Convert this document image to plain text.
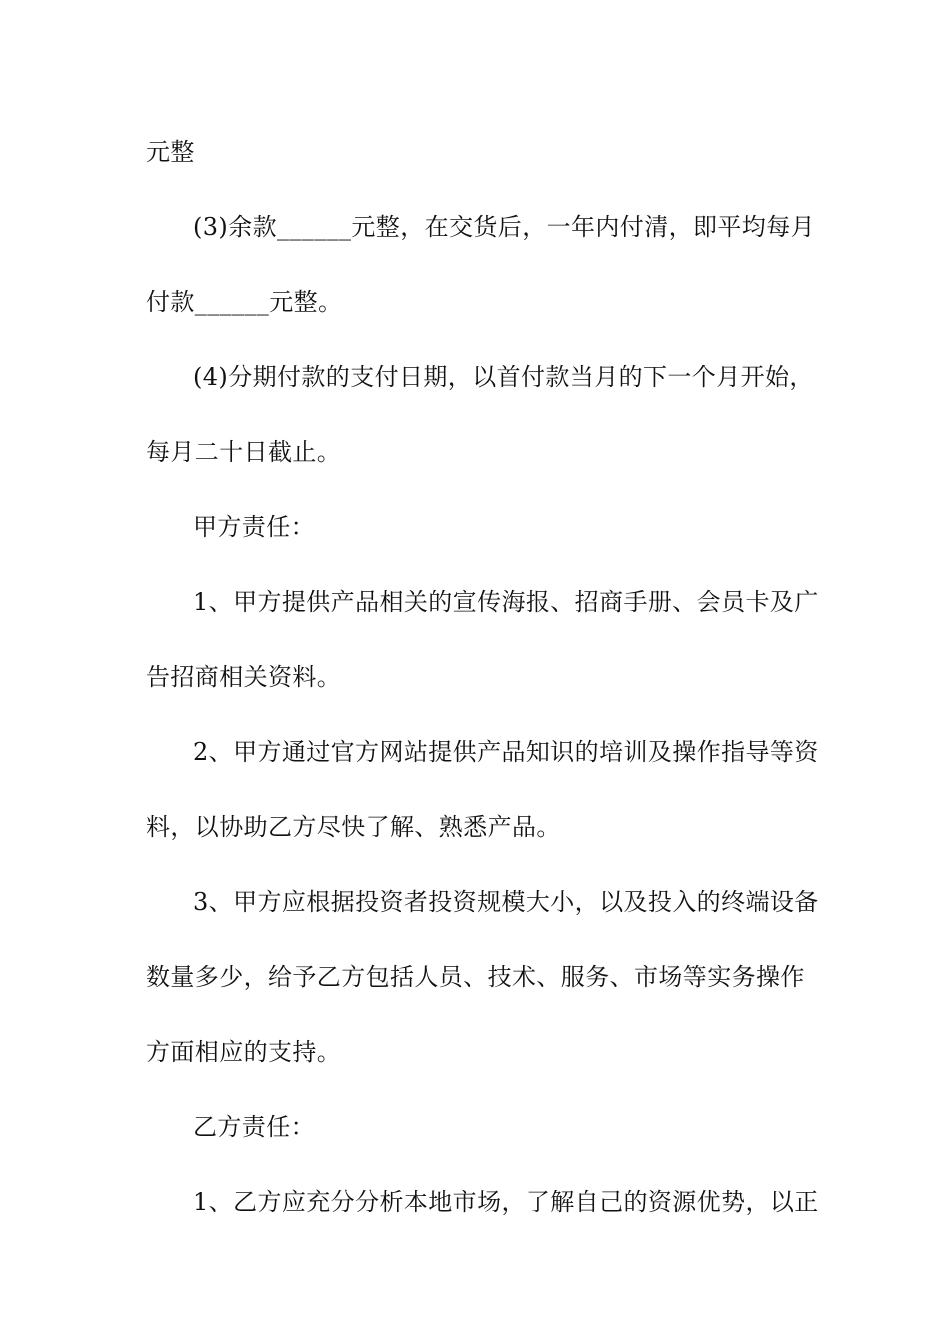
元整
(3)余款______元整，在交货后，一年内付清，即平均每月
付款______元整。
(4)分期付款的支付日期，以首付款当月的下一个月开始，
每月二十日截止。
甲方责任：
1、甲方提供产品相关的宣传海报、招商手册、会员卡及广
告招商相关资料。
2、甲方通过官方网站提供产品知识的培训及操作指导等资
料，以协助乙方尽快了解、熟悉产品。
3、甲方应根据投资者投资规模大小，以及投入的终端设备
数量多少，给予乙方包括人员、技术、服务、市场等实务操作
方面相应的支持。
乙方责任：
1、乙方应充分分析本地市场，了解自己的资源优势，以正
